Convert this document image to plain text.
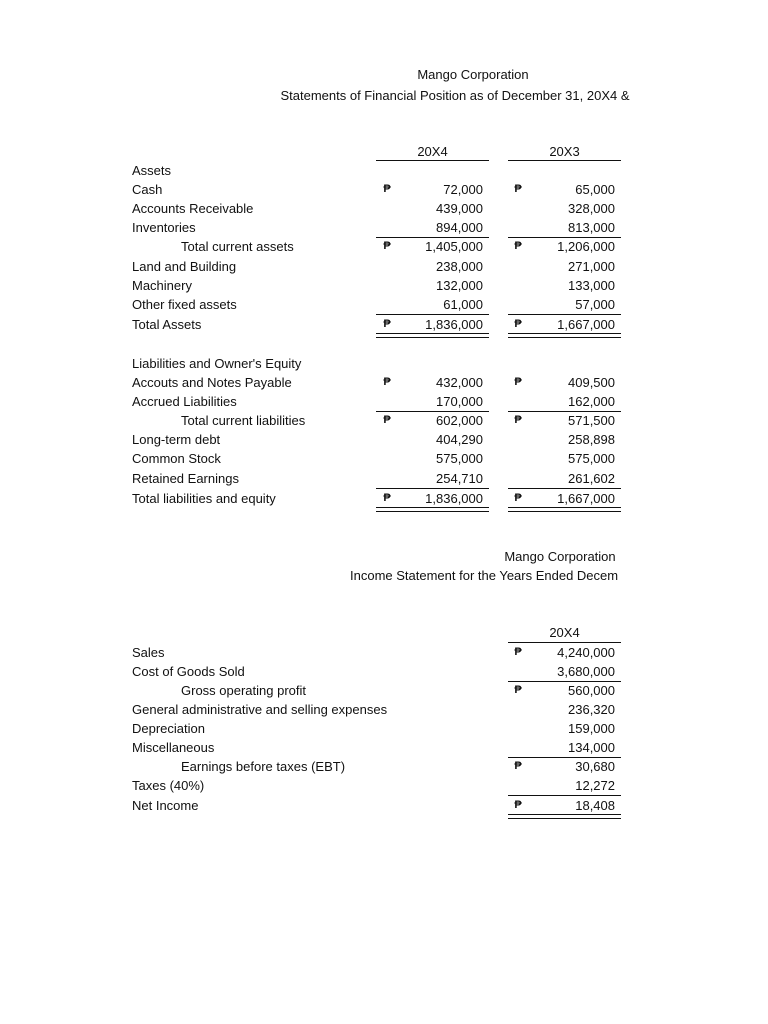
Mango Corporation
Statements of Financial Position as of December 31, 20X4 &
20X4	20X3
Assets
Cash	₱	72,000	₱	65,000
Accounts Receivable	439,000	328,000
Inventories	894,000	813,000
Total current assets	₱	1,405,000	₱	1,206,000
Land and Building	238,000	271,000
Machinery	132,000	133,000
Other fixed assets	61,000	57,000
Total Assets	₱	1,836,000	₱	1,667,000
Liabilities and Owner's Equity
Accouts and Notes Payable	₱	432,000	₱	409,500
Accrued Liabilities	170,000	162,000
Total current liabilities	₱	602,000	₱	571,500
Long-term debt	404,290	258,898
Common Stock	575,000	575,000
Retained Earnings	254,710	261,602
Total liabilities and equity	₱	1,836,000	₱	1,667,000
Mango Corporation
Income Statement for the Years Ended Decem
20X4
Sales	₱	4,240,000
Cost of Goods Sold	3,680,000
Gross operating profit	₱	560,000
General administrative and selling expenses	236,320
Depreciation	159,000
Miscellaneous	134,000
Earnings before taxes (EBT)	₱	30,680
Taxes (40%)	12,272
Net Income	₱	18,408
